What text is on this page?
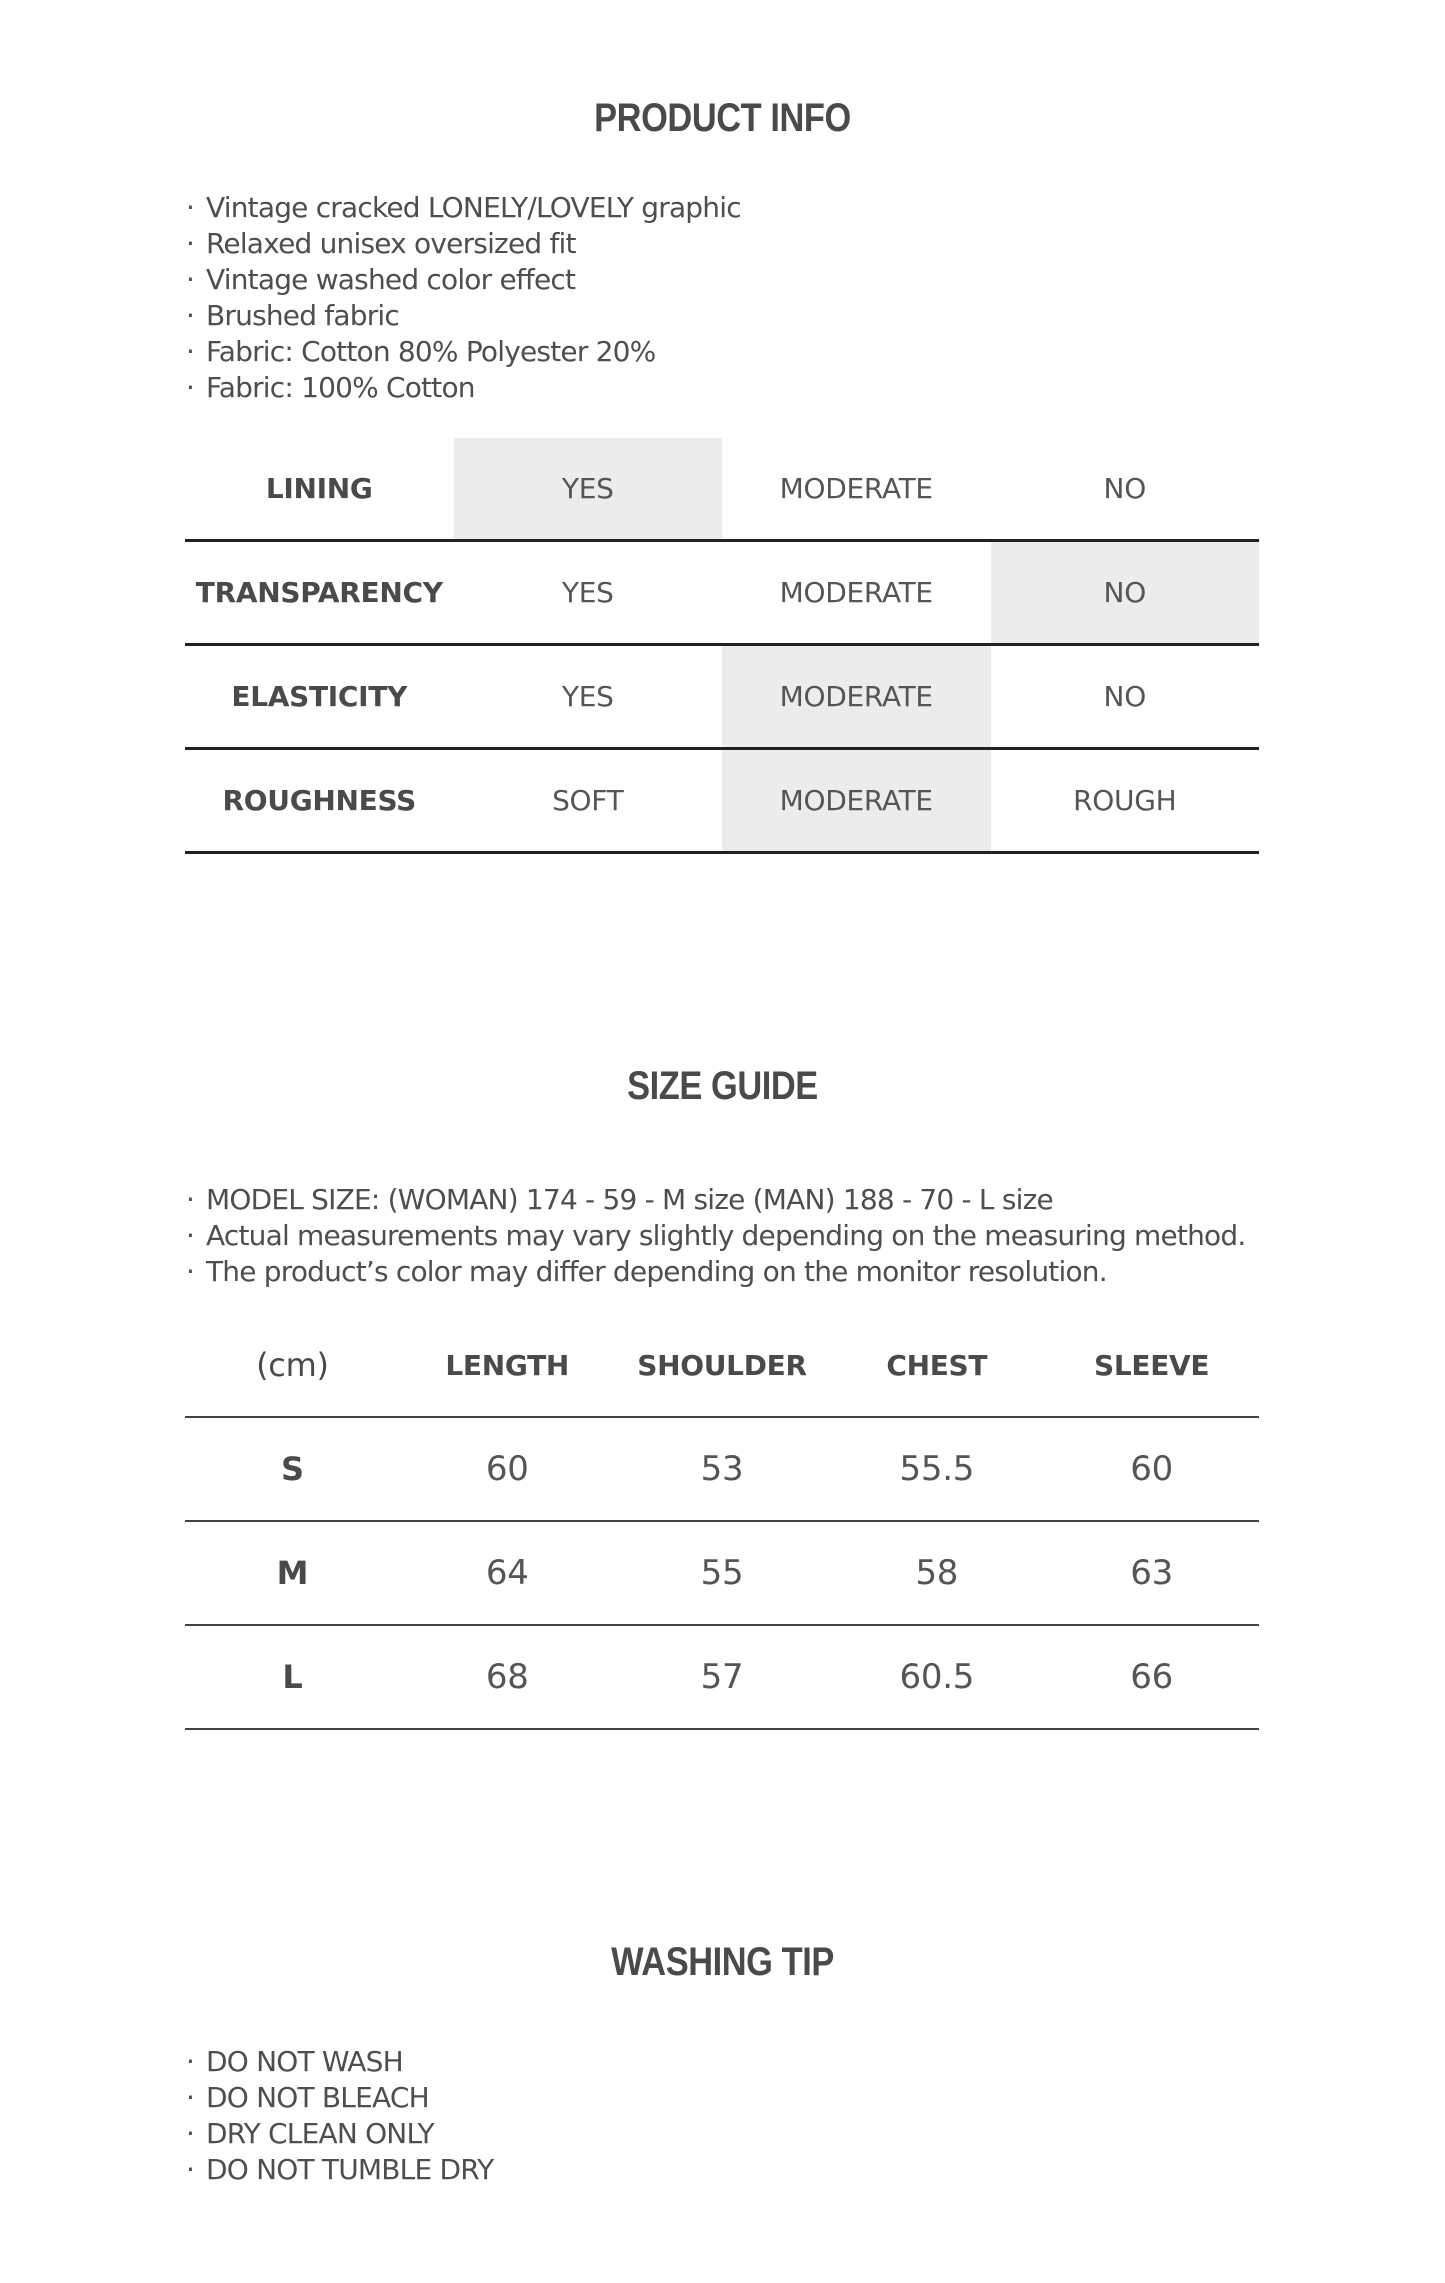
PRODUCT INFO
· Vintage cracked LONELY/LOVELY graphic
· Relaxed unisex oversized fit
· Vintage washed color effect
· Brushed fabric
· Fabric: Cotton 80% Polyester 20%
· Fabric: 100% Cotton
LINING	YES	MODERATE	NO
TRANSPARENCY	YES	MODERATE	NO
ELASTICITY	YES	MODERATE	NO
ROUGHNESS	SOFT	MODERATE	ROUGH
SIZE GUIDE
· MODEL SIZE: (WOMAN) 174 - 59 - M size (MAN) 188 - 70 - L size
· Actual measurements may vary slightly depending on the measuring method.
· The product’s color may differ depending on the monitor resolution.
(cm)	LENGTH	SHOULDER	CHEST	SLEEVE
S	60	53	55.5	60
M	64	55	58	63
L	68	57	60.5	66
WASHING TIP
· DO NOT WASH
· DO NOT BLEACH
· DRY CLEAN ONLY
· DO NOT TUMBLE DRY
